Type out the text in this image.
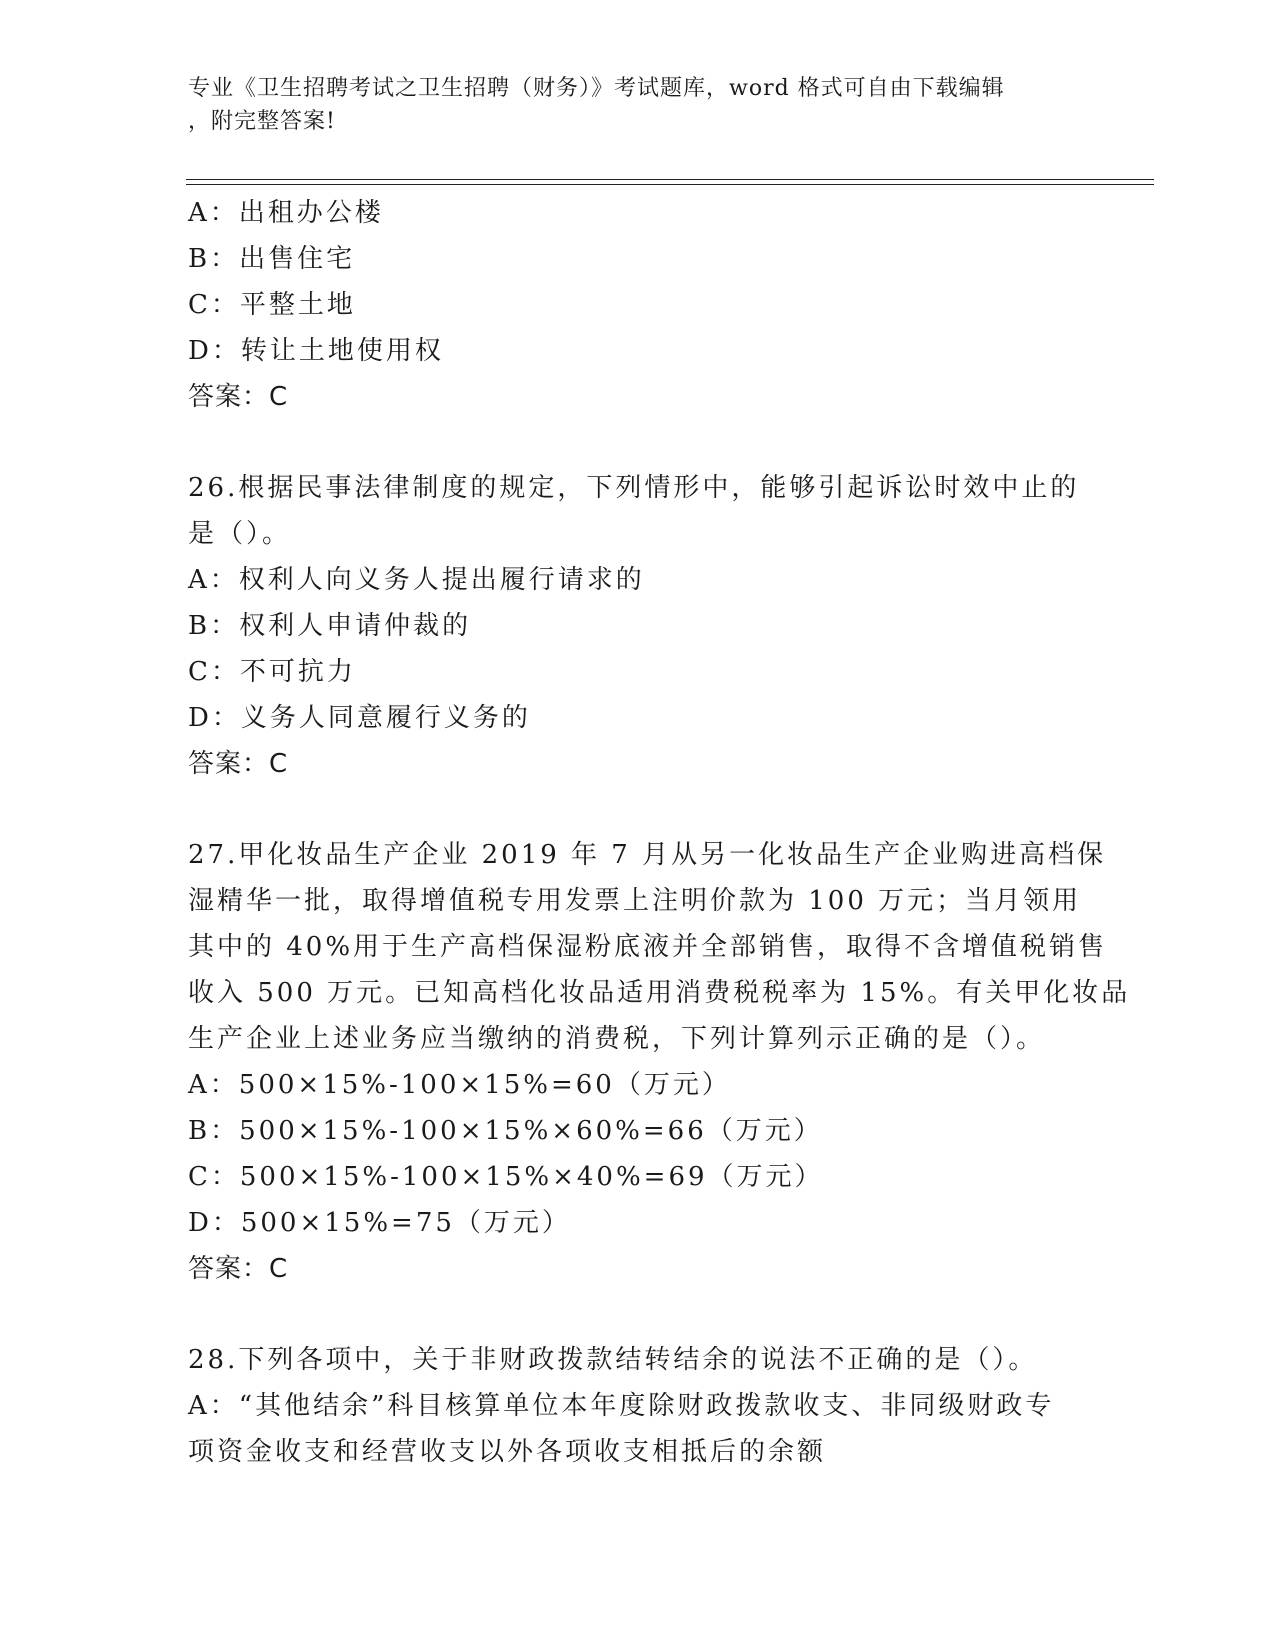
专业《卫生招聘考试之卫生招聘（财务）》考试题库，word 格式可自由下载编辑
，附完整答案!
A：出租办公楼
B：出售住宅
C：平整土地
D：转让土地使用权
答案：C
26.根据民事法律制度的规定，下列情形中，能够引起诉讼时效中止的
是（）。
A：权利人向义务人提出履行请求的
B：权利人申请仲裁的
C：不可抗力
D：义务人同意履行义务的
答案：C
27.甲化妆品生产企业 2019 年 7 月从另一化妆品生产企业购进高档保
湿精华一批，取得增值税专用发票上注明价款为 100 万元；当月领用
其中的 40%用于生产高档保湿粉底液并全部销售，取得不含增值税销售
收入 500 万元。已知高档化妆品适用消费税税率为 15%。有关甲化妆品
生产企业上述业务应当缴纳的消费税，下列计算列示正确的是（）。
A：500×15%-100×15%=60（万元）
B：500×15%-100×15%×60%=66（万元）
C：500×15%-100×15%×40%=69（万元）
D：500×15%=75（万元）
答案：C
28.下列各项中，关于非财政拨款结转结余的说法不正确的是（）。
A：“其他结余”科目核算单位本年度除财政拨款收支、非同级财政专
项资金收支和经营收支以外各项收支相抵后的余额
